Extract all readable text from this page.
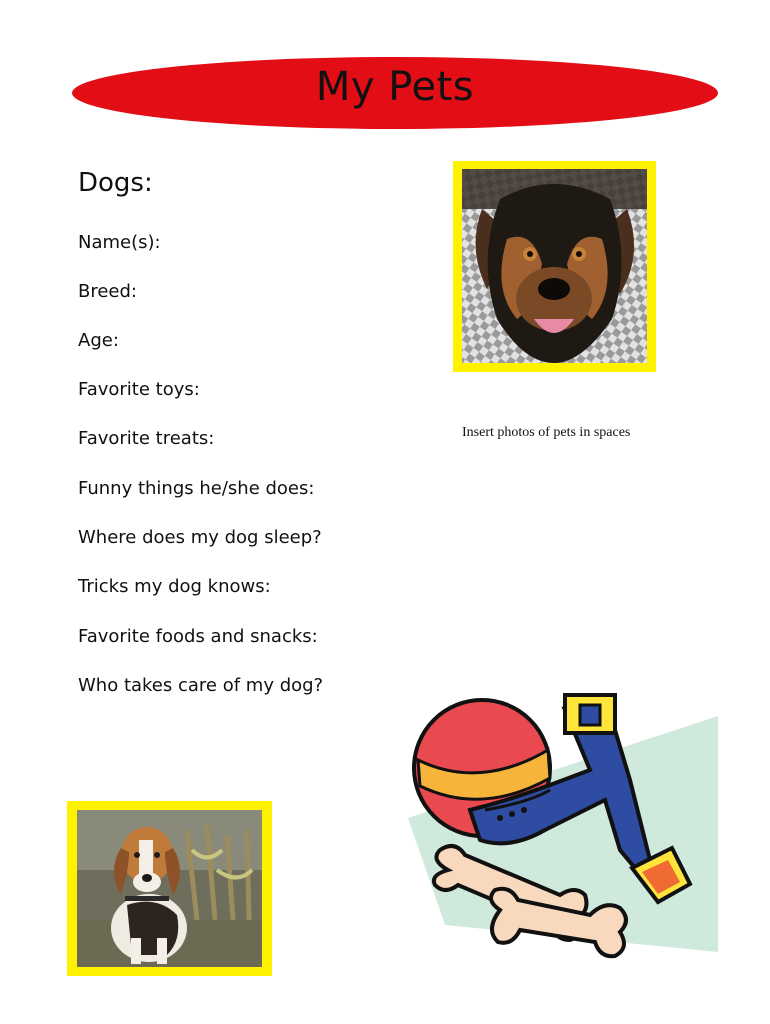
My Pets
Dogs:
Name(s):
Breed:
Age:
Favorite toys:
Favorite treats:
Funny things he/she does:
Where does my dog sleep?
Tricks my dog knows:
Favorite foods and snacks:
Who takes care of my dog?
Insert photos of pets in spaces
